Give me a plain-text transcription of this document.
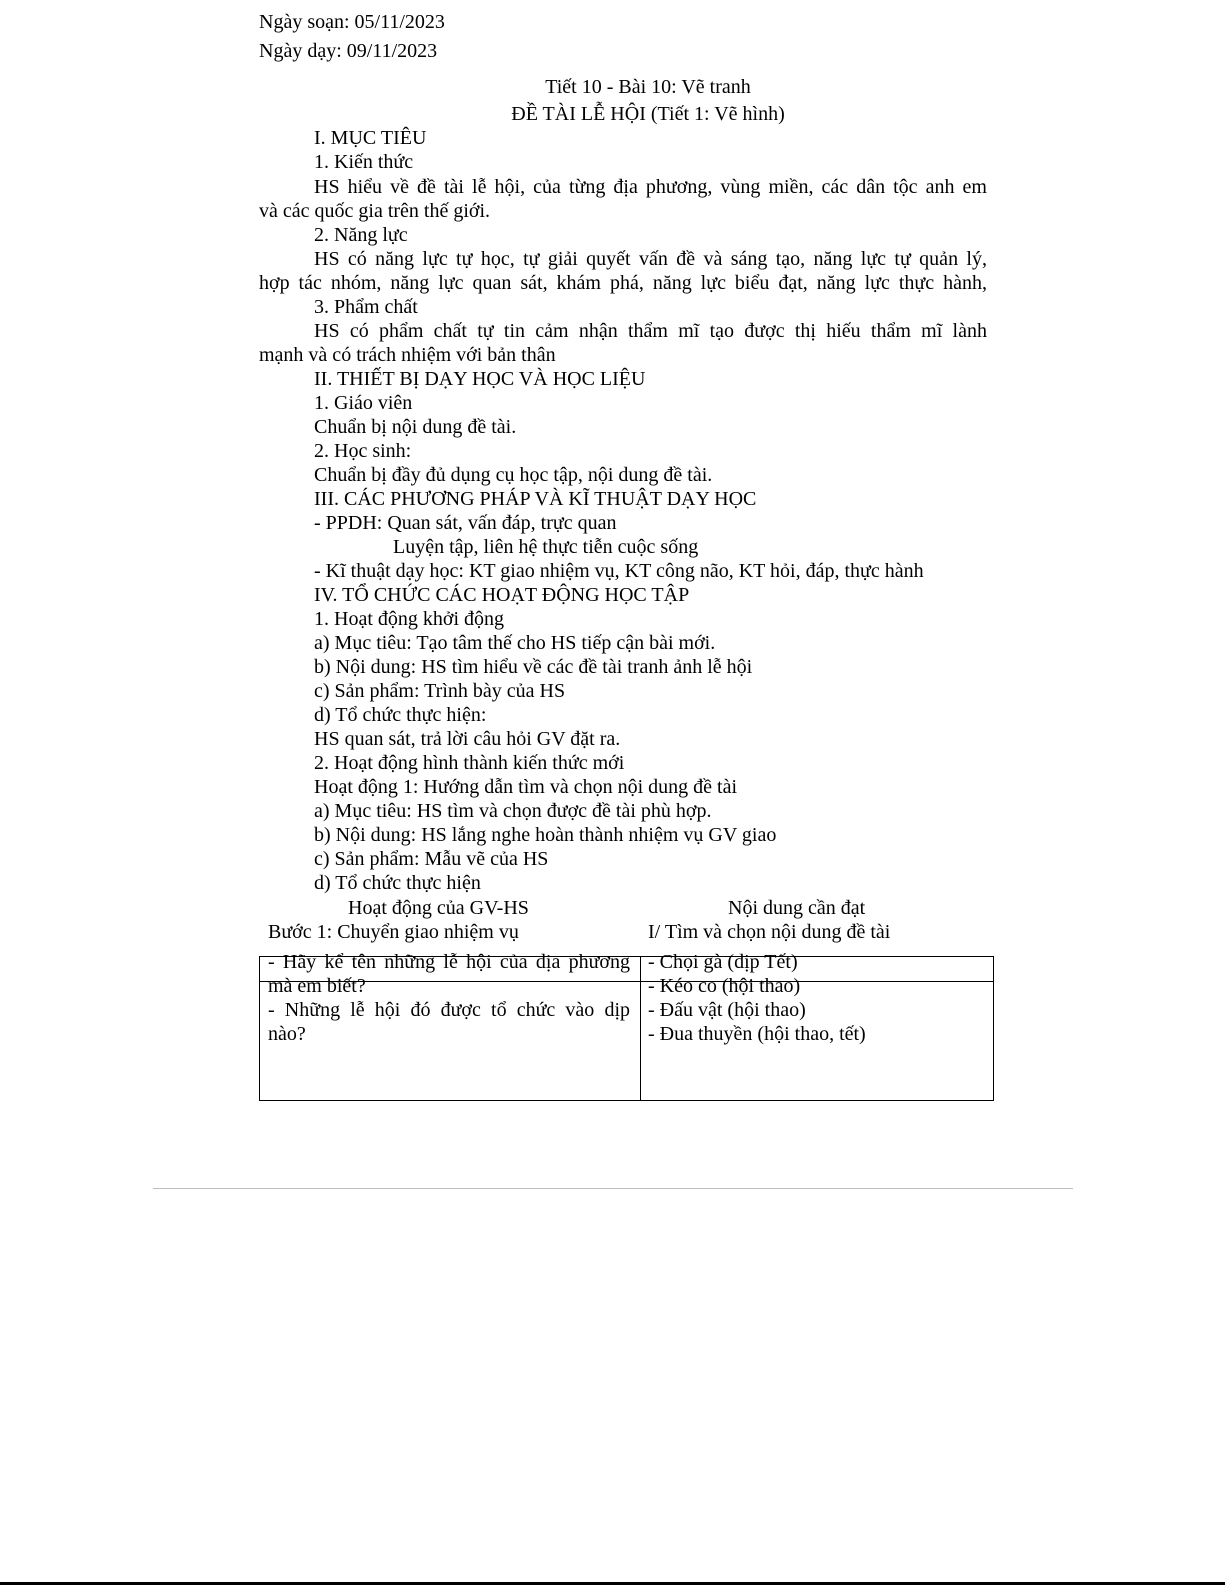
Ngày soạn: 05/11/2023
Ngày dạy: 09/11/2023
Tiết 10 - Bài 10: Vẽ tranh
ĐỀ TÀI LỄ HỘI (Tiết 1: Vẽ hình)
I. MỤC TIÊU
1. Kiến thức
HS hiểu về đề tài lễ hội, của từng địa phương, vùng miền, các dân tộc anh em
và các quốc gia trên thế giới.
2. Năng lực
HS có năng lực tự học, tự giải quyết vấn đề và sáng tạo, năng lực tự quản lý,
hợp tác nhóm, năng lực quan sát, khám phá, năng lực biểu đạt, năng lực thực hành,
3. Phẩm chất
HS có phẩm chất tự tin cảm nhận thẩm mĩ tạo được thị hiếu thẩm mĩ lành
mạnh và có trách nhiệm với bản thân
II. THIẾT BỊ DẠY HỌC VÀ HỌC LIỆU
1. Giáo viên
Chuẩn bị nội dung đề tài.
2. Học sinh:
Chuẩn bị đầy đủ dụng cụ học tập, nội dung đề tài.
III. CÁC PHƯƠNG PHÁP VÀ KĨ THUẬT DẠY HỌC
- PPDH: Quan sát, vấn đáp, trực quan
Luyện tập, liên hệ thực tiễn cuộc sống
- Kĩ thuật dạy học: KT giao nhiệm vụ, KT công não, KT hỏi, đáp, thực hành
IV. TỔ CHỨC CÁC HOẠT ĐỘNG HỌC TẬP
1. Hoạt động khởi động
a) Mục tiêu: Tạo tâm thế cho HS tiếp cận bài mới.
b) Nội dung: HS tìm hiểu về các đề tài tranh ảnh lễ hội
c) Sản phẩm: Trình bày của HS
d) Tổ chức thực hiện:
HS quan sát, trả lời câu hỏi GV đặt ra.
2. Hoạt động hình thành kiến thức mới
Hoạt động 1: Hướng dẫn tìm và chọn nội dung đề tài
a) Mục tiêu: HS tìm và chọn được đề tài phù hợp.
b) Nội dung: HS lắng nghe hoàn thành nhiệm vụ GV giao
c) Sản phẩm: Mẫu vẽ của HS
d) Tổ chức thực hiện
Hoạt động của GV-HS	Nội dung cần đạt
Bước 1: Chuyển giao nhiệm vụ	I/ Tìm và chọn nội dung đề tài
- Hãy kể tên những lễ hội của địa phương
mà em biết?
- Những lễ hội đó được tổ chức vào dịp
nào?
- Chọi gà (dịp Tết)
- Kéo co (hội thao)
- Đấu vật (hội thao)
- Đua thuyền (hội thao, tết)
